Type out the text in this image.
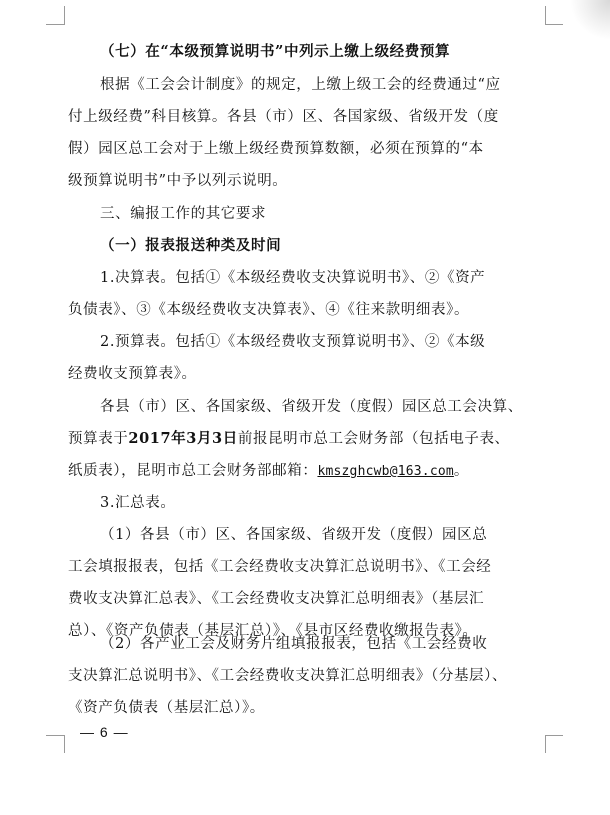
（七）在“本级预算说明书”中列示上缴上级经费预算
根据《工会会计制度》的规定，上缴上级工会的经费通过“应
付上级经费”科目核算。各县（市）区、各国家级、省级开发（度
假）园区总工会对于上缴上级经费预算数额，必须在预算的“本
级预算说明书”中予以列示说明。
三、编报工作的其它要求
（一）报表报送种类及时间
1.决算表。包括①《本级经费收支决算说明书》、②《资产
负债表》、③《本级经费收支决算表》、④《往来款明细表》。
2.预算表。包括①《本级经费收支预算说明书》、②《本级
经费收支预算表》。
各县（市）区、各国家级、省级开发（度假）园区总工会决算、
预算表于2017年3月3日前报昆明市总工会财务部（包括电子表、
纸质表），昆明市总工会财务部邮箱：kmszghcwb@163.com。
3.汇总表。
（1）各县（市）区、各国家级、省级开发（度假）园区总
工会填报报表，包括《工会经费收支决算汇总说明书》、《工会经
费收支决算汇总表》、《工会经费收支决算汇总明细表》（基层汇
总）、《资产负债表（基层汇总）》、《县市区经费收缴报告表》。
（2）各产业工会及财务片组填报报表，包括《工会经费收
支决算汇总说明书》、《工会经费收支决算汇总明细表》（分基层）、
— 6 —
《资产负债表（基层汇总）》。
